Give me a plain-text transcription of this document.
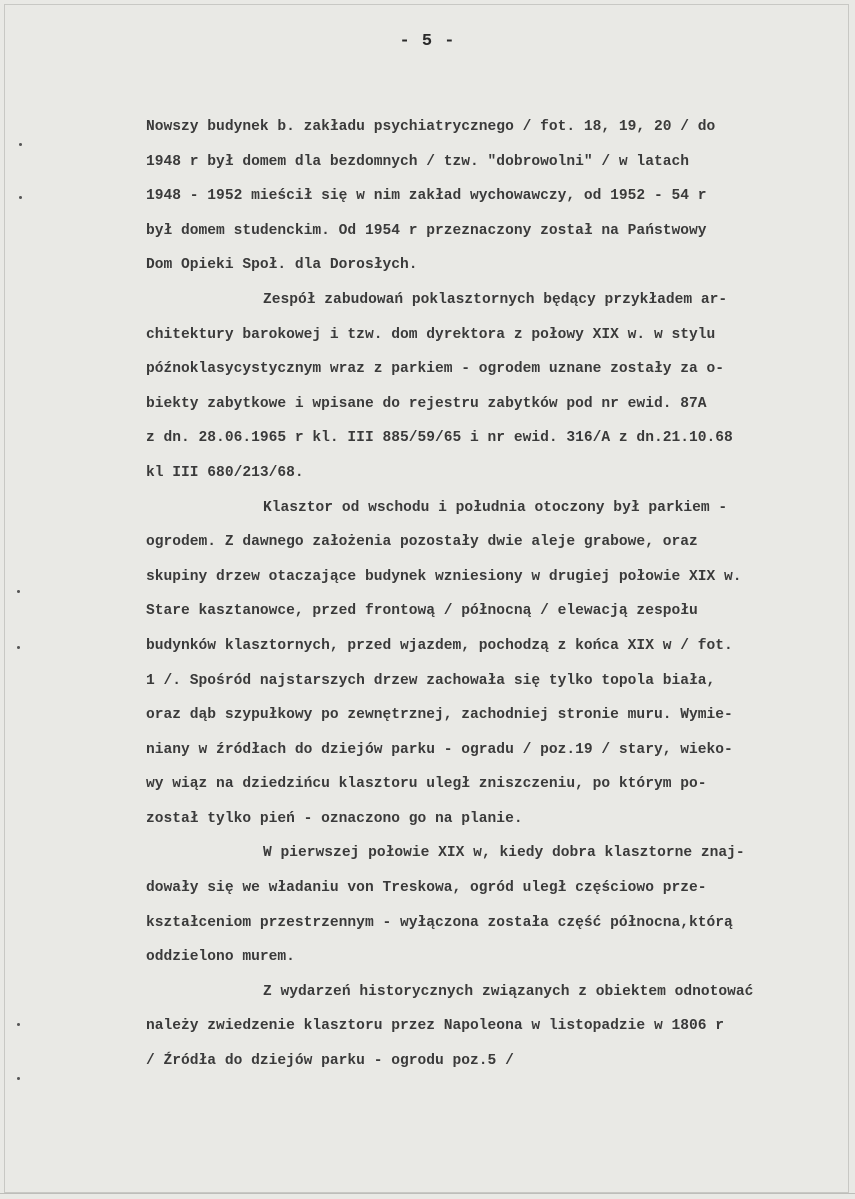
- 5 -
Nowszy budynek b. zakładu psychiatrycznego / fot. 18, 19, 20 / do
1948 r był domem dla bezdomnych / tzw. "dobrowolni" / w latach
1948 - 1952 mieścił się w nim zakład wychowawczy, od 1952 - 54 r
był domem studenckim. Od 1954 r przeznaczony został na Państwowy
Dom Opieki Społ. dla Dorosłych.
Zespół zabudowań poklasztornych będący przykładem ar-
chitektury barokowej i tzw. dom dyrektora z połowy XIX w. w stylu
późnoklasycystycznym wraz z parkiem - ogrodem uznane zostały za o-
biekty zabytkowe i wpisane do rejestru zabytków pod nr ewid. 87A
z dn. 28.06.1965 r kl. III 885/59/65 i nr ewid. 316/A z dn.21.10.68
kl III 680/213/68.
Klasztor od wschodu i południa otoczony był parkiem -
ogrodem. Z dawnego założenia pozostały dwie aleje grabowe, oraz
skupiny drzew otaczające budynek wzniesiony w drugiej połowie XIX w.
Stare kasztanowce, przed frontową / północną / elewacją zespołu
budynków klasztornych, przed wjazdem, pochodzą z końca XIX w / fot.
1 /. Spośród najstarszych drzew zachowała się tylko topola biała,
oraz dąb szypułkowy po zewnętrznej, zachodniej stronie muru. Wymie-
niany w źródłach do dziejów parku - ogradu / poz.19 / stary, wieko-
wy wiąz na dziedzińcu klasztoru uległ zniszczeniu, po którym po-
został tylko pień - oznaczono go na planie.
W pierwszej połowie XIX w, kiedy dobra klasztorne znaj-
dowały się we władaniu von Treskowa, ogród uległ częściowo prze-
kształceniom przestrzennym - wyłączona została część północna,którą
oddzielono murem.
Z wydarzeń historycznych związanych z obiektem odnotować
należy zwiedzenie klasztoru przez Napoleona w listopadzie w 1806 r
/ Źródła do dziejów parku - ogrodu poz.5 /
